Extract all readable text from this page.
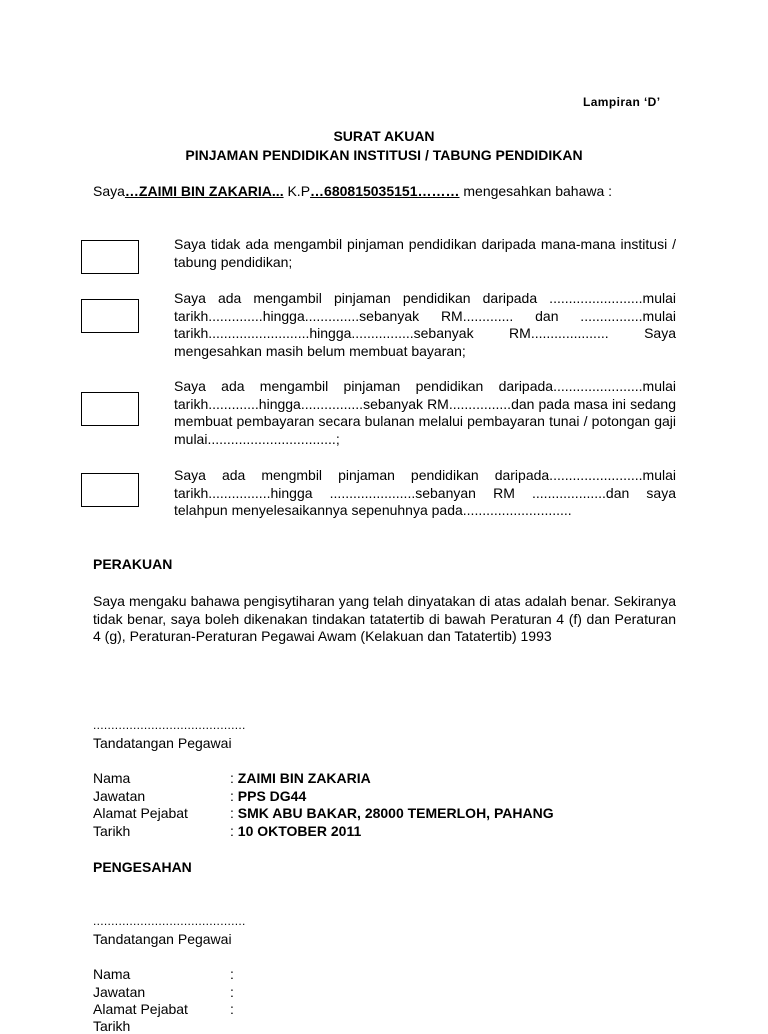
Lampiran ‘D’
SURAT AKUAN
PINJAMAN PENDIDIKAN INSTITUSI / TABUNG PENDIDIKAN
Saya…ZAIMI BIN ZAKARIA... K.P…680815035151……… mengesahkan bahawa :
Saya tidak ada mengambil pinjaman pendidikan daripada mana-mana institusi / tabung pendidikan;
Saya ada mengambil pinjaman pendidikan daripada ........................mulai tarikh..............hingga..............sebanyak RM............. dan ................mulai tarikh..........................hingga................sebanyak RM.................... Saya mengesahkan masih belum membuat bayaran;
Saya ada mengambil pinjaman pendidikan daripada.......................mulai tarikh.............hingga................sebanyak RM................dan pada masa ini sedang membuat pembayaran secara bulanan melalui pembayaran tunai / potongan gaji mulai.................................;
Saya ada mengmbil pinjaman pendidikan daripada........................mulai tarikh................hingga ......................sebanyan RM ...................dan saya telahpun menyelesaikannya sepenuhnya pada............................
PERAKUAN
Saya mengaku bahawa pengisytiharan yang telah dinyatakan di atas adalah benar. Sekiranya tidak benar, saya boleh dikenakan tindakan tatatertib di bawah Peraturan 4 (f) dan Peraturan 4 (g), Peraturan-Peraturan Pegawai Awam (Kelakuan dan Tatatertib) 1993
..........................................
Tandatangan Pegawai
Nama	: ZAIMI BIN ZAKARIA
Jawatan	: PPS DG44
Alamat Pejabat	: SMK ABU BAKAR, 28000 TEMERLOH, PAHANG
Tarikh	: 10 OKTOBER 2011
PENGESAHAN
..........................................
Tandatangan Pegawai
Nama	:
Jawatan	:
Alamat Pejabat	:
Tarikh
